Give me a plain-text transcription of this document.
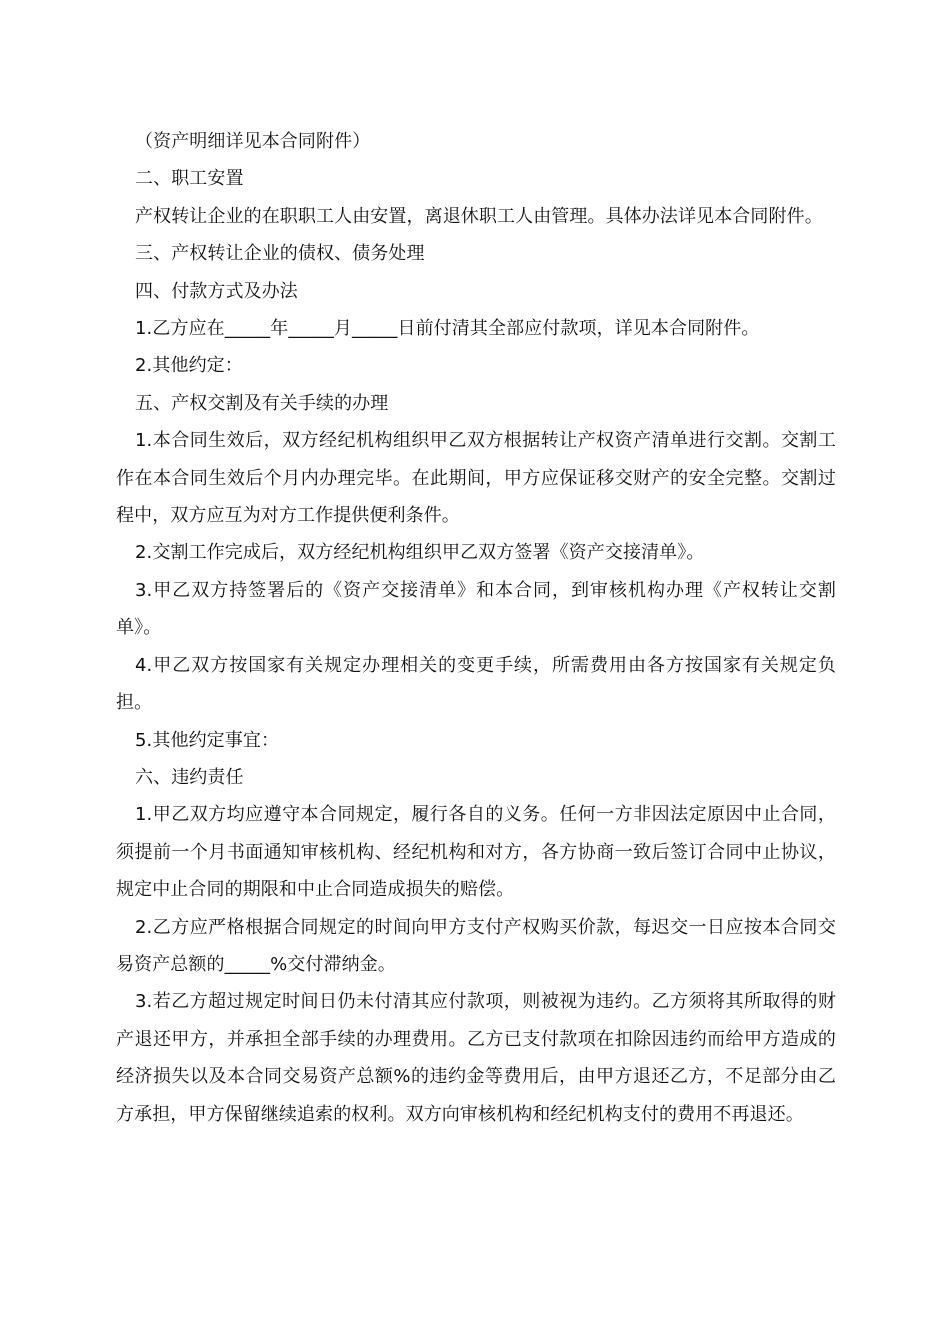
（资产明细详见本合同附件）

二、职工安置

产权转让企业的在职职工人由安置，离退休职工人由管理。具体办法详见本合同附件。

三、产权转让企业的债权、债务处理

四、付款方式及办法

1.乙方应在_____年_____月_____日前付清其全部应付款项，详见本合同附件。

2.其他约定：

五、产权交割及有关手续的办理

1.本合同生效后，双方经纪机构组织甲乙双方根据转让产权资产清单进行交割。交割工作在本合同生效后个月内办理完毕。在此期间，甲方应保证移交财产的安全完整。交割过程中，双方应互为对方工作提供便利条件。

2.交割工作完成后，双方经纪机构组织甲乙双方签署《资产交接清单》。

3.甲乙双方持签署后的《资产交接清单》和本合同，到审核机构办理《产权转让交割单》。

4.甲乙双方按国家有关规定办理相关的变更手续，所需费用由各方按国家有关规定负担。

5.其他约定事宜：

六、违约责任

1.甲乙双方均应遵守本合同规定，履行各自的义务。任何一方非因法定原因中止合同，须提前一个月书面通知审核机构、经纪机构和对方，各方协商一致后签订合同中止协议，规定中止合同的期限和中止合同造成损失的赔偿。

2.乙方应严格根据合同规定的时间向甲方支付产权购买价款，每迟交一日应按本合同交易资产总额的_____%交付滞纳金。

3.若乙方超过规定时间日仍未付清其应付款项，则被视为违约。乙方须将其所取得的财产退还甲方，并承担全部手续的办理费用。乙方已支付款项在扣除因违约而给甲方造成的经济损失以及本合同交易资产总额%的违约金等费用后，由甲方退还乙方，不足部分由乙方承担，甲方保留继续追索的权利。双方向审核机构和经纪机构支付的费用不再退还。
